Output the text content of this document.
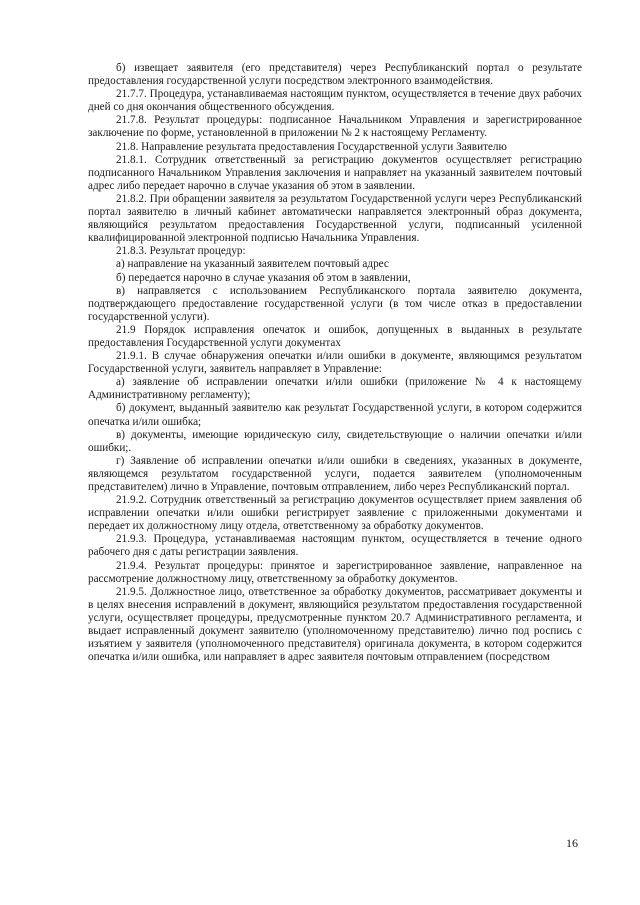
б) извещает заявителя (его представителя) через Республиканский портал о результате предоставления государственной услуги посредством электронного взаимодействия.

21.7.7. Процедура, устанавливаемая настоящим пунктом, осуществляется в течение двух рабочих дней со дня окончания общественного обсуждения.

21.7.8. Результат процедуры: подписанное Начальником Управления и зарегистрированное заключение по форме, установленной в приложении № 2 к настоящему Регламенту.

21.8. Направление результата предоставления Государственной услуги Заявителю

21.8.1. Сотрудник ответственный за регистрацию документов осуществляет регистрацию подписанного Начальником Управления заключения и направляет на указанный заявителем почтовый адрес либо передает нарочно в случае указания об этом в заявлении.

21.8.2. При обращении заявителя за результатом Государственной услуги через Республиканский портал заявителю в личный кабинет автоматически направляется электронный образ документа, являющийся результатом предоставления Государственной услуги, подписанный усиленной квалифицированной электронной подписью Начальника Управления.

21.8.3. Результат процедур:

а) направление на указанный заявителем почтовый адрес

б) передается нарочно в случае указания об этом в заявлении,

в) направляется с использованием Республиканского портала заявителю документа, подтверждающего предоставление государственной услуги (в том числе отказ в предоставлении государственной услуги).

21.9 Порядок исправления опечаток и ошибок, допущенных в выданных в результате предоставления Государственной услуги документах

21.9.1. В случае обнаружения опечатки и/или ошибки в документе, являющимся результатом Государственной услуги, заявитель направляет в Управление:

а) заявление об исправлении опечатки и/или ошибки (приложение № 4 к настоящему Административному регламенту);

б) документ, выданный заявителю как результат Государственной услуги, в котором содержится опечатка и/или ошибка;

в) документы, имеющие юридическую силу, свидетельствующие о наличии опечатки и/или ошибки;.

г) Заявление об исправлении опечатки и/или ошибки в сведениях, указанных в документе, являющемся результатом государственной услуги, подается заявителем (уполномоченным представителем) лично в Управление, почтовым отправлением, либо через Республиканский портал.

21.9.2. Сотрудник ответственный за регистрацию документов осуществляет прием заявления об исправлении опечатки и/или ошибки регистрирует заявление с приложенными документами и передает их должностному лицу отдела, ответственному за обработку документов.

21.9.3. Процедура, устанавливаемая настоящим пунктом, осуществляется в течение одного рабочего дня с даты регистрации заявления.

21.9.4. Результат процедуры: принятое и зарегистрированное заявление, направленное на рассмотрение должностному лицу, ответственному за обработку документов.

21.9.5. Должностное лицо, ответственное за обработку документов, рассматривает документы и в целях внесения исправлений в документ, являющийся результатом предоставления государственной услуги, осуществляет процедуры, предусмотренные пунктом 20.7 Административного регламента, и выдает исправленный документ заявителю (уполномоченному представителю) лично под роспись с изъятием у заявителя (уполномоченного представителя) оригинала документа, в котором содержится опечатка и/или ошибка, или направляет в адрес заявителя почтовым отправлением (посредством

16
